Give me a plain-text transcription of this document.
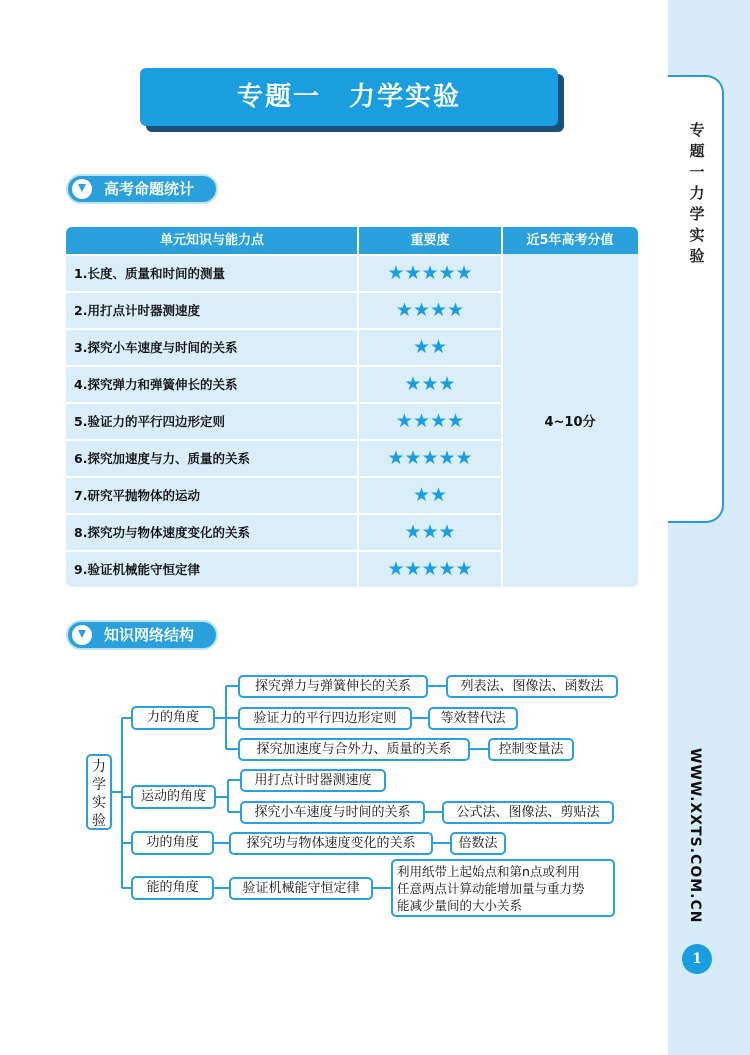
专题一 力学实验
WWW.XXTS.COM.CN
1
专题一　力学实验
高考命题统计
单元知识与能力点	重要度	近5年高考分值
1.长度、质量和时间的测量	★★★★★
2.用打点计时器测速度	★★★★
3.探究小车速度与时间的关系	★★
4.探究弹力和弹簧伸长的关系	★★★
5.验证力的平行四边形定则	★★★★
6.探究加速度与力、质量的关系	★★★★★
7.研究平抛物体的运动	★★
8.探究功与物体速度变化的关系	★★★
9.验证机械能守恒定律	★★★★★
4~10分
知识网络结构
力学实验
力的角度
运动的角度
功的角度
能的角度
探究弹力与弹簧伸长的关系	列表法、图像法、函数法
验证力的平行四边形定则	等效替代法
探究加速度与合外力、质量的关系	控制变量法
用打点计时器测速度
探究小车速度与时间的关系	公式法、图像法、剪贴法
探究功与物体速度变化的关系	倍数法
验证机械能守恒定律
利用纸带上起始点和第n点或利用
任意两点计算动能增加量与重力势
能减少量间的大小关系
